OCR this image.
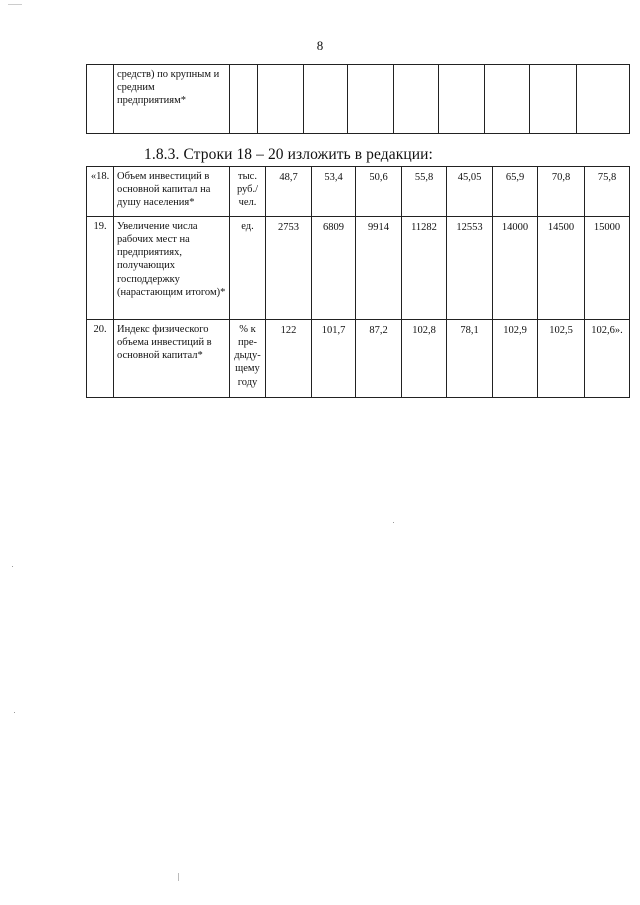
8
	средств) по крупным и средним предприятиям*									
1.8.3. Строки 18 – 20 изложить в редакции:
«18.	Объем инвестиций в основной капитал на душу населения*	тыс. руб./ чел.	48,7	53,4	50,6	55,8	45,05	65,9	70,8	75,8
19.	Увеличение числа рабочих мест на предприятиях, получающих господдержку (нарастающим итогом)*	ед.	2753	6809	9914	11282	12553	14000	14500	15000
20.	Индекс физического объема инвестиций в основной капитал*	% к пре-дыду-щему году	122	101,7	87,2	102,8	78,1	102,9	102,5	102,6».
